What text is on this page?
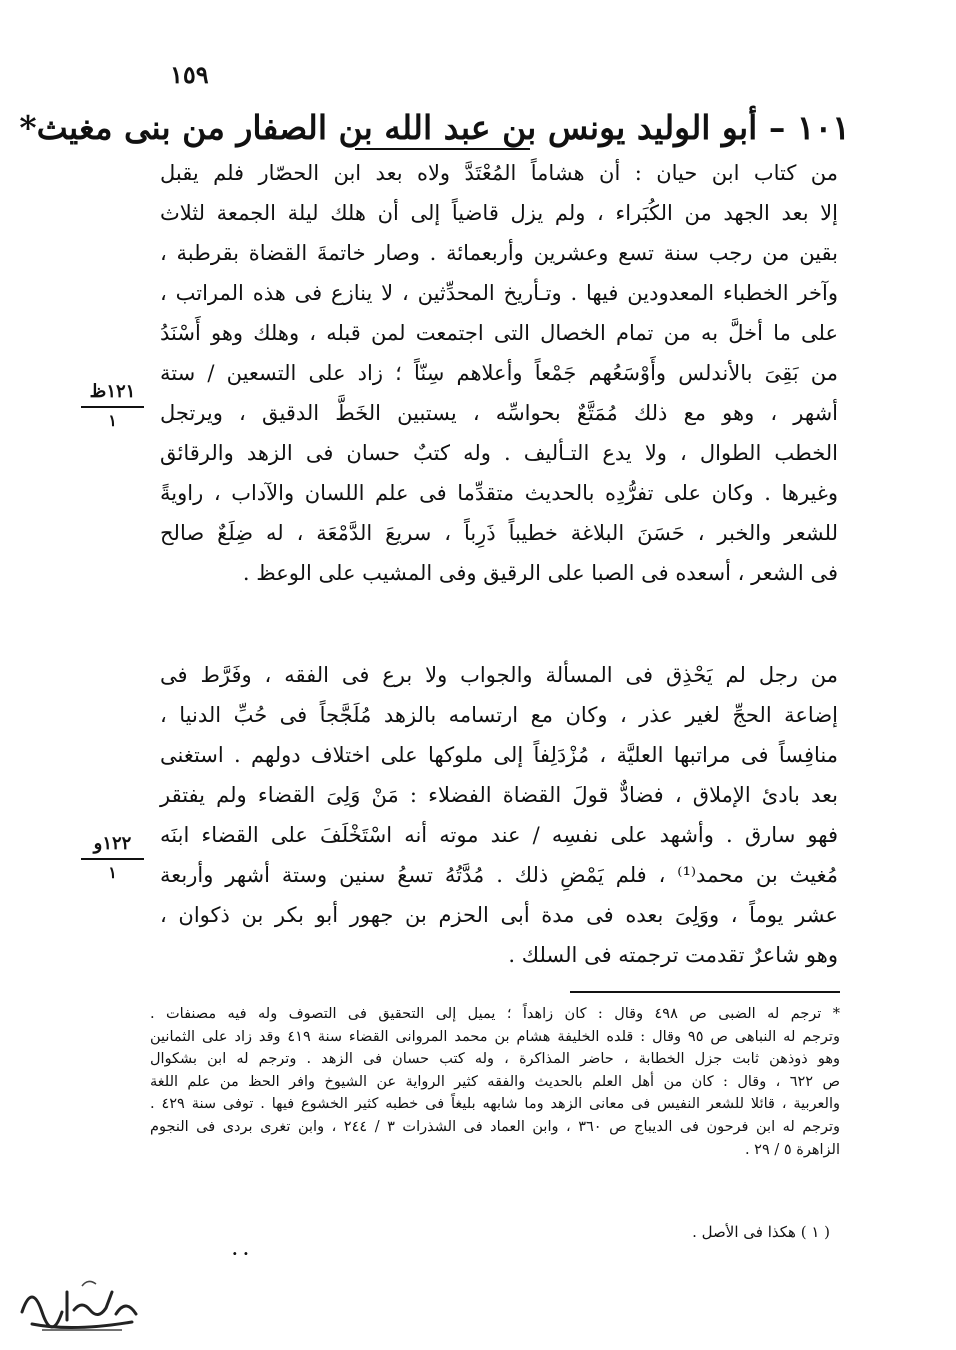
١٥٩
١٠١ – أبو الوليد يونس بن عبد الله بن الصفار من بنى مغيث*
من كتاب ابن حيان : أن هشاماً المُعْتَدَّ ولاه بعد ابن الحصّار فلم يقبل
إلا بعد الجهد من الكُبَراء ، ولم يزل قاضياً إلى أن هلك ليلة الجمعة لثلاث
بقين من رجب سنة تسع وعشرين وأربعمائة . وصار خاتمةَ القضاة بقرطبة ،
وآخر الخطباء المعدودين فيها . وتـأريخ المحدِّثين ، لا ينازع فى هذه المراتب ،
على ما أخلَّ به من تمام الخصال التى اجتمعت لمن قبله ، وهلك وهو أَسْنَدُ
من بَقِىَ بالأندلس وأَوْسَعُهم جَمْعاً وأعلاهم سِنّاً ؛ زاد على التسعين / ستة
أشهر ، وهو مع ذلك مُمَتَّعٌ بحواسِّه ، يستبين الخَطَّ الدقيق ، ويرتجل
الخطب الطوال ، ولا يدع التـأليف . وله كتبٌ حسان فى الزهد والرقائق
وغيرها . وكان على تفرُّدِه بالحديث متقدِّما فى علم اللسان والآداب ، راويةً
للشعر والخبر ، حَسَنَ البلاغة خطيباً ذَرِباً ، سريعَ الدَّمْعَة ، له ضِلَعٌ صالح
فى الشعر ، أسعده فى الصبا على الرقيق وفى المشيب على الوعظ .
من رجل لم يَحْذِق فى المسألة والجواب ولا برع فى الفقه ، وفَرَّط فى
إضاعة الحجِّ لغير عذر ، وكان مع ارتسامه بالزهد مُلَجَّجاً فى حُبِّ الدنيا ،
منافِساً فى مراتبها العليَّة ، مُزْدَلِفاً إلى ملوكها على اختلاف دولهم . استغنى
بعد بادئ الإملاق ، فضادٌّ قولَ القضاة الفضلاء : مَنْ وَلِىَ القضاء ولم يفتقر
فهو سارق . وأشهد على نفسِه / عند موته أنه اسْتَخْلَفَ على القضاء ابنَه
مُغيث بن محمد⁽¹⁾ ، فلم يَمْضِ ذلك . مُدَّتُهُ تسعُ سنين وستة أشهر وأربعة
عشر يوماً ، ووَلِىَ بعده فى مدة أبى الحزم بن جهور أبو بكر بن ذكوان ،
وهو شاعرٌ تقدمت ترجمته فى السلك .
١٢١ظ
١
١٢٢و
١
* ترجم له الضبى ص ٤٩٨ وقال : كان زاهداً ؛ يميل إلى التحقيق فى التصوف وله فيه مصنفات .
وترجم له النباهى ص ٩٥ وقال : قلده الخليفة هشام بن محمد المروانى القضاء سنة ٤١٩ وقد زاد على الثمانين
وهو ذوذهن ثابت جزل الخطابة ، حاضر المذاكرة ، وله كتب حسان فى الزهد . وترجم له ابن بشكوال
ص ٦٢٢ ، وقال : كان من أهل العلم بالحديث والفقه كثير الرواية عن الشيوخ وافر الحظ من علم اللغة
والعربية ، قائلا للشعر النفيس فى معانى الزهد وما شابهه بليغاً فى خطبه كثير الخشوع فيها . توفى سنة ٤٢٩ .
وترجم له ابن فرحون فى الديباج ص ٣٦٠ ، وابن العماد فى الشذرات ٣ / ٢٤٤ ، وابن تغرى بردى فى النجوم
الزاهرة ٥ / ٢٩ .
( ١ ) هكذا فى الأصل .
. .
